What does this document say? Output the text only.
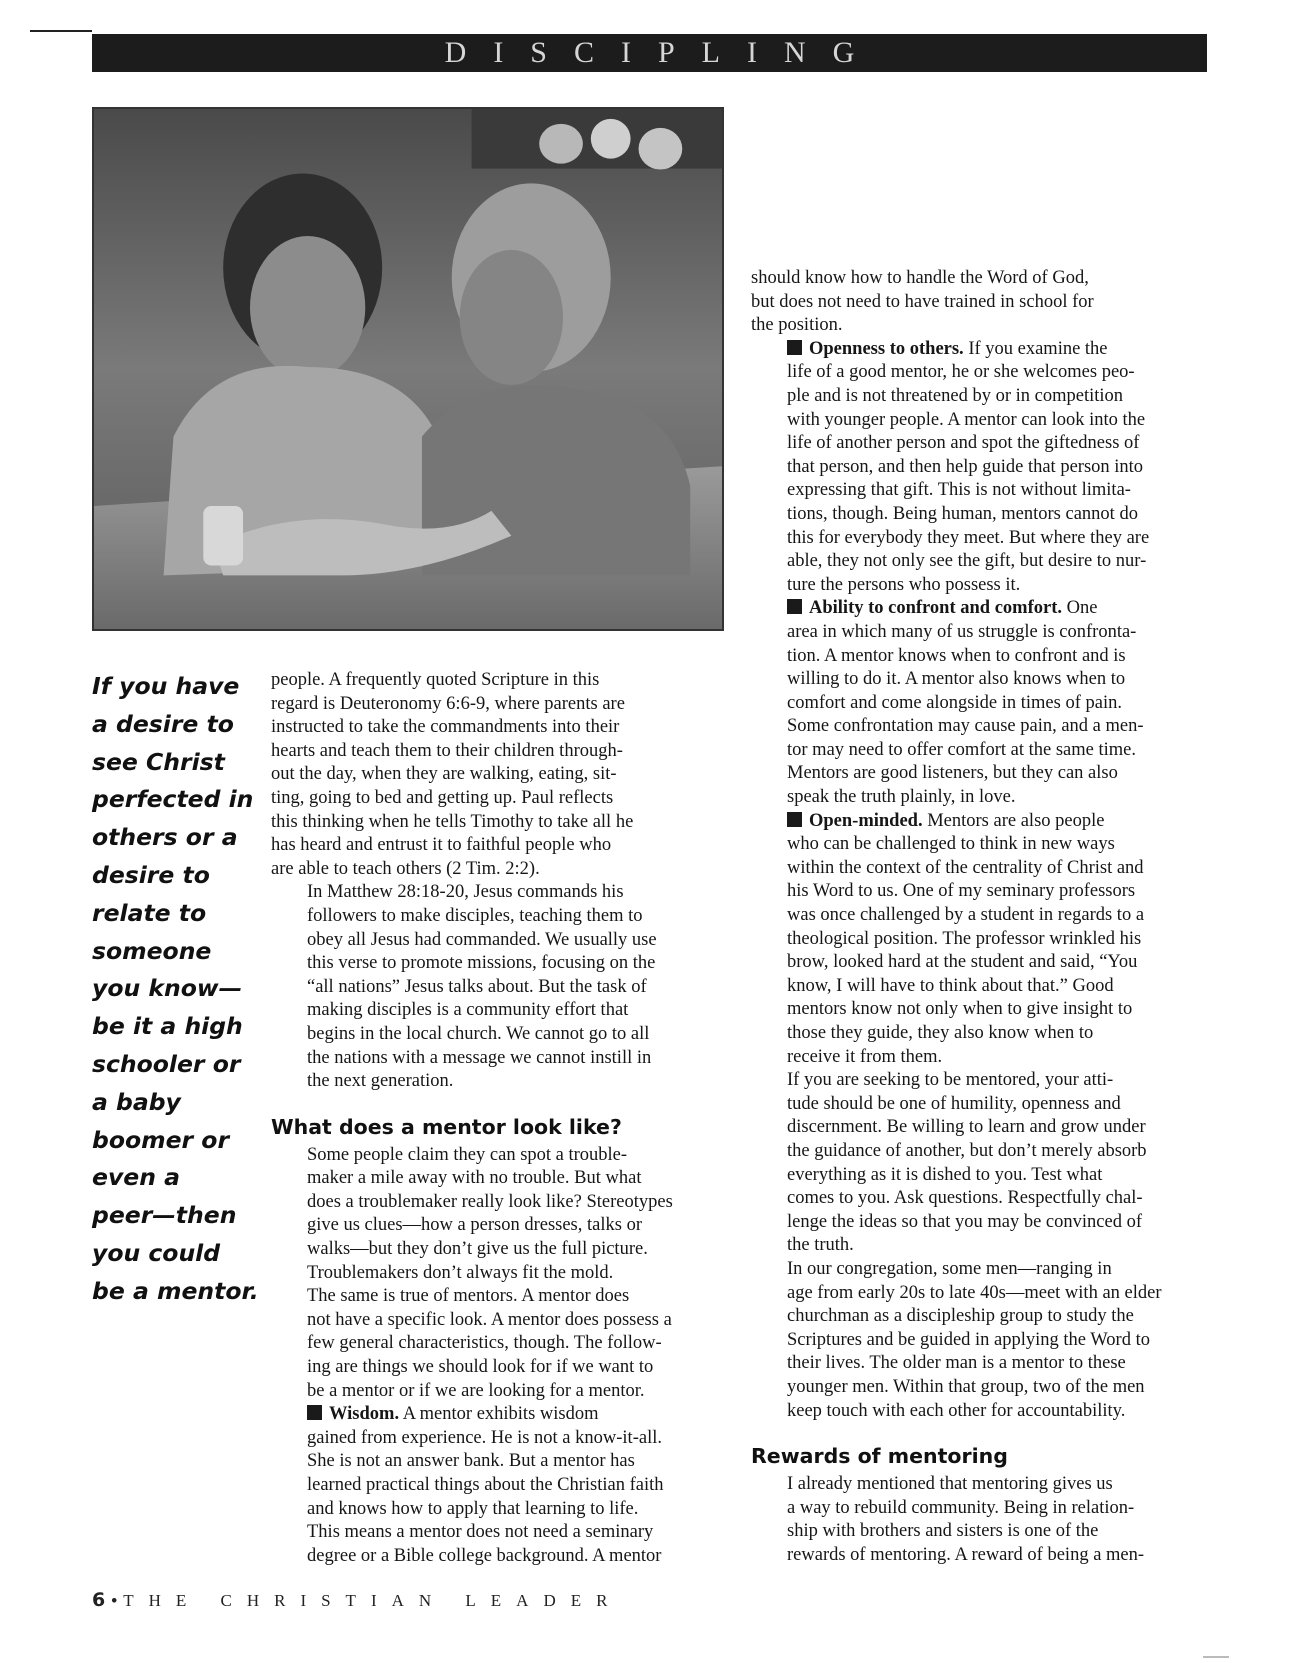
DISCIPLING
If you have
a desire to
see Christ
perfected in
others or a
desire to
relate to
someone
you know—
be it a high
schooler or
a baby
boomer or
even a
peer—then
you could
be a mentor.

people. A frequently quoted Scripture in this
regard is Deuteronomy 6:6-9, where parents are
instructed to take the commandments into their
hearts and teach them to their children through-
out the day, when they are walking, eating, sit-
ting, going to bed and getting up. Paul reflects
this thinking when he tells Timothy to take all he
has heard and entrust it to faithful people who
are able to teach others (2 Tim. 2:2).

In Matthew 28:18-20, Jesus commands his
followers to make disciples, teaching them to
obey all Jesus had commanded. We usually use
this verse to promote missions, focusing on the
“all nations” Jesus talks about. But the task of
making disciples is a community effort that
begins in the local church. We cannot go to all
the nations with a message we cannot instill in
the next generation.

What does a mentor look like?

Some people claim they can spot a trouble-
maker a mile away with no trouble. But what
does a troublemaker really look like? Stereotypes
give us clues—how a person dresses, talks or
walks—but they don’t give us the full picture.
Troublemakers don’t always fit the mold.

The same is true of mentors. A mentor does
not have a specific look. A mentor does possess a
few general characteristics, though. The follow-
ing are things we should look for if we want to
be a mentor or if we are looking for a mentor.

Wisdom. A mentor exhibits wisdom
gained from experience. He is not a know-it-all.
She is not an answer bank. But a mentor has
learned practical things about the Christian faith
and knows how to apply that learning to life.
This means a mentor does not need a seminary
degree or a Bible college background. A mentor

should know how to handle the Word of God,
but does not need to have trained in school for
the position.

Openness to others. If you examine the
life of a good mentor, he or she welcomes peo-
ple and is not threatened by or in competition
with younger people. A mentor can look into the
life of another person and spot the giftedness of
that person, and then help guide that person into
expressing that gift. This is not without limita-
tions, though. Being human, mentors cannot do
this for everybody they meet. But where they are
able, they not only see the gift, but desire to nur-
ture the persons who possess it.

Ability to confront and comfort. One
area in which many of us struggle is confronta-
tion. A mentor knows when to confront and is
willing to do it. A mentor also knows when to
comfort and come alongside in times of pain.
Some confrontation may cause pain, and a men-
tor may need to offer comfort at the same time.
Mentors are good listeners, but they can also
speak the truth plainly, in love.

Open-minded. Mentors are also people
who can be challenged to think in new ways
within the context of the centrality of Christ and
his Word to us. One of my seminary professors
was once challenged by a student in regards to a
theological position. The professor wrinkled his
brow, looked hard at the student and said, “You
know, I will have to think about that.” Good
mentors know not only when to give insight to
those they guide, they also know when to
receive it from them.

If you are seeking to be mentored, your atti-
tude should be one of humility, openness and
discernment. Be willing to learn and grow under
the guidance of another, but don’t merely absorb
everything as it is dished to you. Test what
comes to you. Ask questions. Respectfully chal-
lenge the ideas so that you may be convinced of
the truth.

In our congregation, some men—ranging in
age from early 20s to late 40s—meet with an elder
churchman as a discipleship group to study the
Scriptures and be guided in applying the Word to
their lives. The older man is a mentor to these
younger men. Within that group, two of the men
keep touch with each other for accountability.

Rewards of mentoring

I already mentioned that mentoring gives us
a way to rebuild community. Being in relation-
ship with brothers and sisters is one of the
rewards of mentoring. A reward of being a men-

6 • THE CHRISTIAN LEADER
